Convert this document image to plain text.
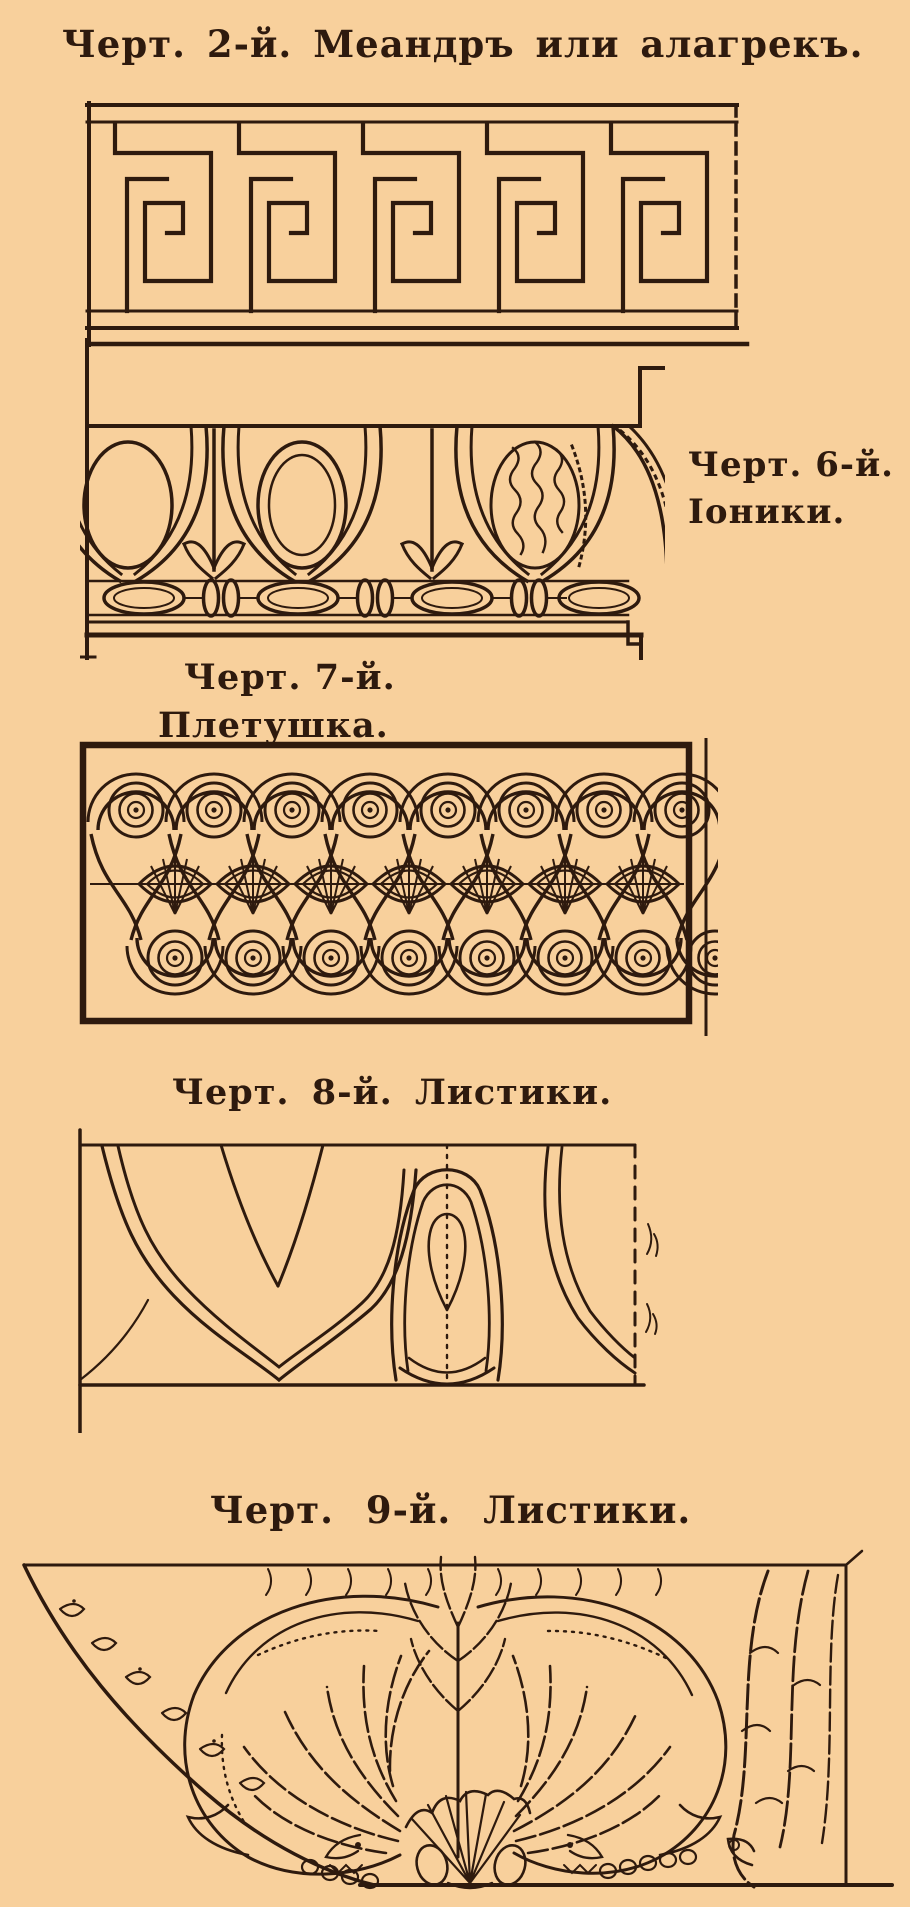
Черт. 2-й. Меандръ или алагрекъ.
Черт. 6-й.
Іоники.
Черт. 7-й.
Плетушка.
Черт. 8-й. Листики.
Черт. 9-й. Листики.
